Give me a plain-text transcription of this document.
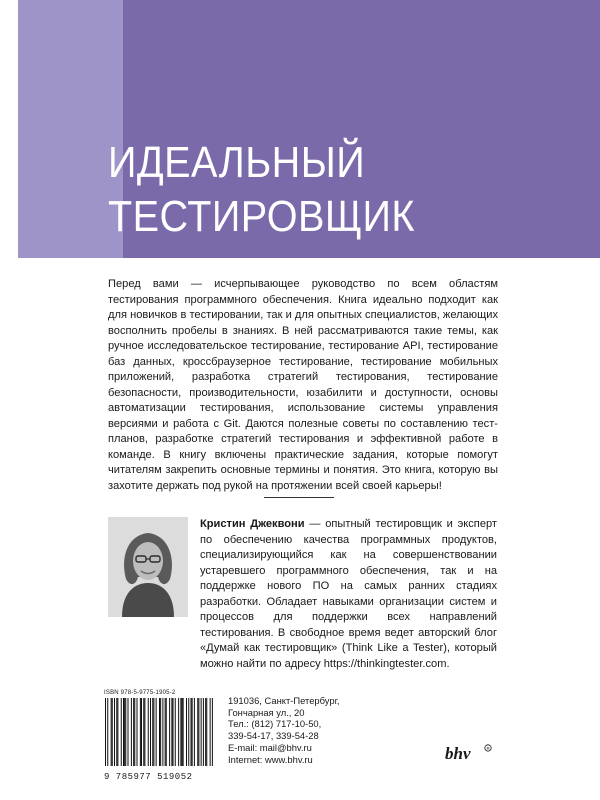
ИДЕАЛЬНЫЙ
ТЕСТИРОВЩИК

Перед вами — исчерпывающее руководство по всем областям тестирования программного обеспечения. Книга идеально подходит как для новичков в тестировании, так и для опытных специалистов, желающих восполнить пробелы в знаниях. В ней рассматриваются такие темы, как ручное исследовательское тестирование, тестирование API, тестирование баз данных, кроссбраузерное тестирование, тестирование мобильных приложений, разработка стратегий тестирования, тестирование безопасности, производительности, юзабилити и доступности, основы автоматизации тестирования, использование системы управления версиями и работа с Git. Даются полезные советы по составлению тест-планов, разработке стратегий тестирования и эффективной работе в команде. В книгу включены практические задания, которые помогут читателям закрепить основные термины и понятия. Это книга, которую вы захотите держать под рукой на протяжении всей своей карьеры!

Кристин Джеквони — опытный тестировщик и эксперт по обеспечению качества программных продуктов, специализирующийся как на совершенствовании устаревшего программного обеспечения, так и на поддержке нового ПО на самых ранних стадиях разработки. Обладает навыками организации систем и процессов для поддержки всех направлений тестирования. В свободное время ведет авторский блог «Думай как тестировщик» (Think Like a Tester), который можно найти по адресу https://thinkingtester.com.

ISBN 978-5-9775-1905-2
9 785977 519052
191036, Санкт-Петербург,
Гончарная ул., 20
Тел.: (812) 717-10-50,
339-54-17, 339-54-28
E-mail: mail@bhv.ru
Internet: www.bhv.ru	bhv	R
